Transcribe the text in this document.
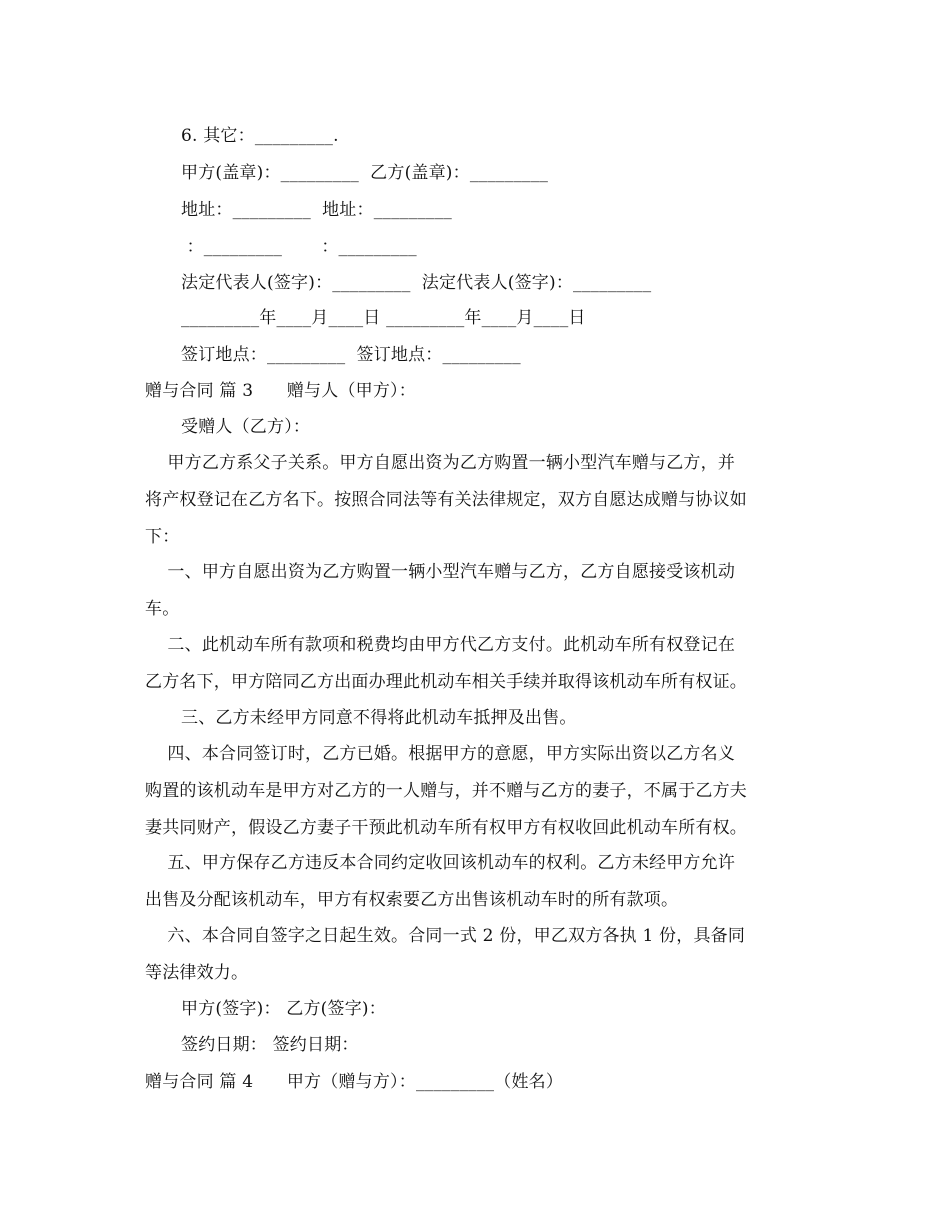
6. 其它：_________.
甲方(盖章)：_________  乙方(盖章)：_________
地址：_________  地址：_________
：_________       ：_________
法定代表人(签字)：_________  法定代表人(签字)：_________
_________年____月____日 _________年____月____日
签订地点：_________  签订地点：_________
赠与合同 篇 3      赠与人（甲方）：
受赠人（乙方）：
甲方乙方系父子关系。甲方自愿出资为乙方购置一辆小型汽车赠与乙方，并
将产权登记在乙方名下。按照合同法等有关法律规定，双方自愿达成赠与协议如
下：
一、甲方自愿出资为乙方购置一辆小型汽车赠与乙方，乙方自愿接受该机动
车。
二、此机动车所有款项和税费均由甲方代乙方支付。此机动车所有权登记在
乙方名下，甲方陪同乙方出面办理此机动车相关手续并取得该机动车所有权证。
三、乙方未经甲方同意不得将此机动车抵押及出售。
四、本合同签订时，乙方已婚。根据甲方的意愿，甲方实际出资以乙方名义
购置的该机动车是甲方对乙方的一人赠与，并不赠与乙方的妻子，不属于乙方夫
妻共同财产，假设乙方妻子干预此机动车所有权甲方有权收回此机动车所有权。
五、甲方保存乙方违反本合同约定收回该机动车的权利。乙方未经甲方允许
出售及分配该机动车，甲方有权索要乙方出售该机动车时的所有款项。
六、本合同自签字之日起生效。合同一式 2 份，甲乙双方各执 1 份，具备同
等法律效力。
甲方(签字)： 乙方(签字)：
签约日期： 签约日期：
赠与合同 篇 4      甲方（赠与方）：_________（姓名）
